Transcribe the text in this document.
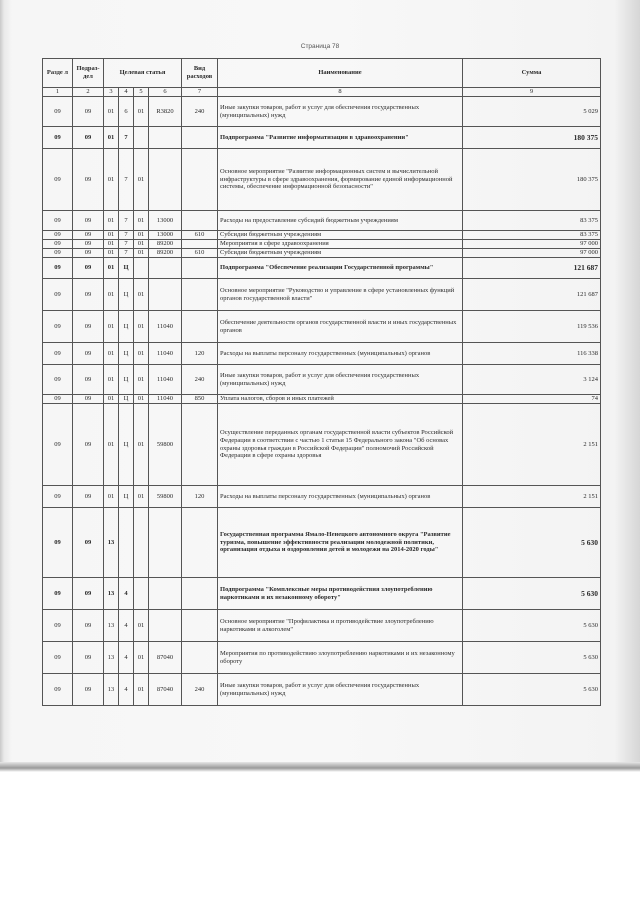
Страница 78
Разде л	Подраз- дел	Целевая статья				Вид расходов	Наименование	Сумма
1	2	3	4	5	6	7	8	9
09	09	01	6	01	R3820	240	Иные закупки товаров, работ и услуг для обеспечения государственных (муниципальных) нужд	5 029
09	09	01	7				Подпрограмма "Развитие информатизации в здравоохранении"	180 375
09	09	01	7	01			Основное мероприятие "Развитие информационных систем и вычислительной инфраструктуры в сфере здравоохранения, формирование единой информационной системы, обеспечение информационной безопасности"	180 375
09	09	01	7	01	13000		Расходы на предоставление субсидий бюджетным учреждениям	83 375
09	09	01	7	01	13000	610	Субсидии бюджетным учреждениям	83 375
09	09	01	7	01	89200		Мероприятия в сфере здравоохранения	97 000
09	09	01	7	01	89200	610	Субсидии бюджетным учреждениям	97 000
09	09	01	Ц				Подпрограмма "Обеспечение реализации Государственной программы"	121 687
09	09	01	Ц	01			Основное мероприятие "Руководство и управление в сфере установленных функций органов государственной власти"	121 687
09	09	01	Ц	01	11040		Обеспечение деятельности органов государственной власти и иных государственных органов	119 536
09	09	01	Ц	01	11040	120	Расходы на выплаты персоналу государственных (муниципальных) органов	116 338
09	09	01	Ц	01	11040	240	Иные закупки товаров, работ и услуг для обеспечения государственных (муниципальных) нужд	3 124
09	09	01	Ц	01	11040	850	Уплата налогов, сборов и иных платежей	74
09	09	01	Ц	01	59800		Осуществление переданных органам государственной власти субъектов Российской Федерации в соответствии с частью 1 статьи 15 Федерального закона "Об основах охраны здоровья граждан в Российской Федерации" полномочий Российской Федерации в сфере охраны здоровья	2 151
09	09	01	Ц	01	59800	120	Расходы на выплаты персоналу государственных (муниципальных) органов	2 151
09	09	13					Государственная программа Ямало-Ненецкого автономного округа "Развитие туризма, повышение эффективности реализации молодежной политики, организация отдыха и оздоровления детей и молодежи на 2014-2020 годы"	5 630
09	09	13	4				Подпрограмма "Комплексные меры противодействия злоупотреблению наркотиками и их незаконному обороту"	5 630
09	09	13	4	01			Основное мероприятие "Профилактика и противодействие злоупотреблению наркотиками и алкоголем"	5 630
09	09	13	4	01	87040		Мероприятия по противодействию злоупотреблению наркотиками и их незаконному обороту	5 630
09	09	13	4	01	87040	240	Иные закупки товаров, работ и услуг для обеспечения государственных (муниципальных) нужд	5 630
